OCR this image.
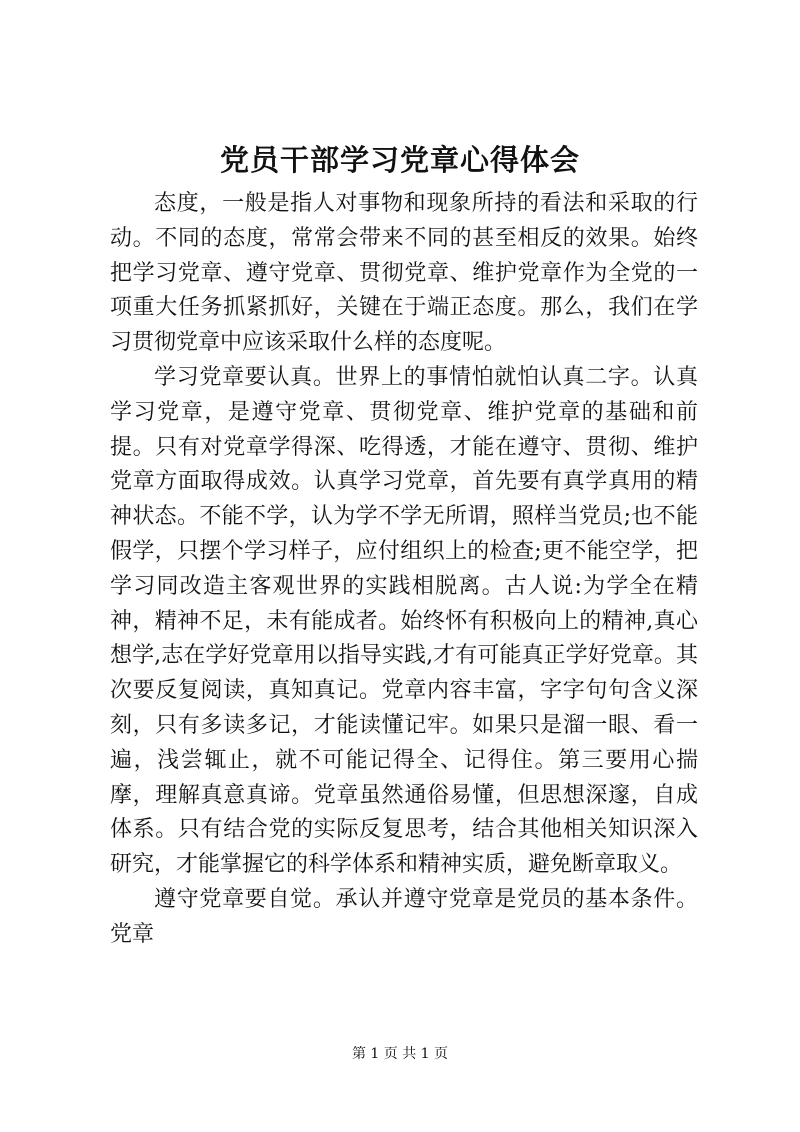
党员干部学习党章心得体会

态度，一般是指人对事物和现象所持的看法和采取的行动。不同的态度，常常会带来不同的甚至相反的效果。始终把学习党章、遵守党章、贯彻党章、维护党章作为全党的一项重大任务抓紧抓好，关键在于端正态度。那么，我们在学习贯彻党章中应该采取什么样的态度呢。

学习党章要认真。世界上的事情怕就怕认真二字。认真学习党章，是遵守党章、贯彻党章、维护党章的基础和前提。只有对党章学得深、吃得透，才能在遵守、贯彻、维护党章方面取得成效。认真学习党章，首先要有真学真用的精神状态。不能不学，认为学不学无所谓，照样当党员;也不能假学，只摆个学习样子，应付组织上的检查;更不能空学，把学习同改造主客观世界的实践相脱离。古人说:为学全在精神，精神不足，未有能成者。始终怀有积极向上的精神,真心想学,志在学好党章用以指导实践,才有可能真正学好党章。其次要反复阅读，真知真记。党章内容丰富，字字句句含义深刻，只有多读多记，才能读懂记牢。如果只是溜一眼、看一遍，浅尝辄止，就不可能记得全、记得住。第三要用心揣摩，理解真意真谛。党章虽然通俗易懂，但思想深邃，自成体系。只有结合党的实际反复思考，结合其他相关知识深入研究，才能掌握它的科学体系和精神实质，避免断章取义。

遵守党章要自觉。承认并遵守党章是党员的基本条件。党章

第 1 页 共 1 页
